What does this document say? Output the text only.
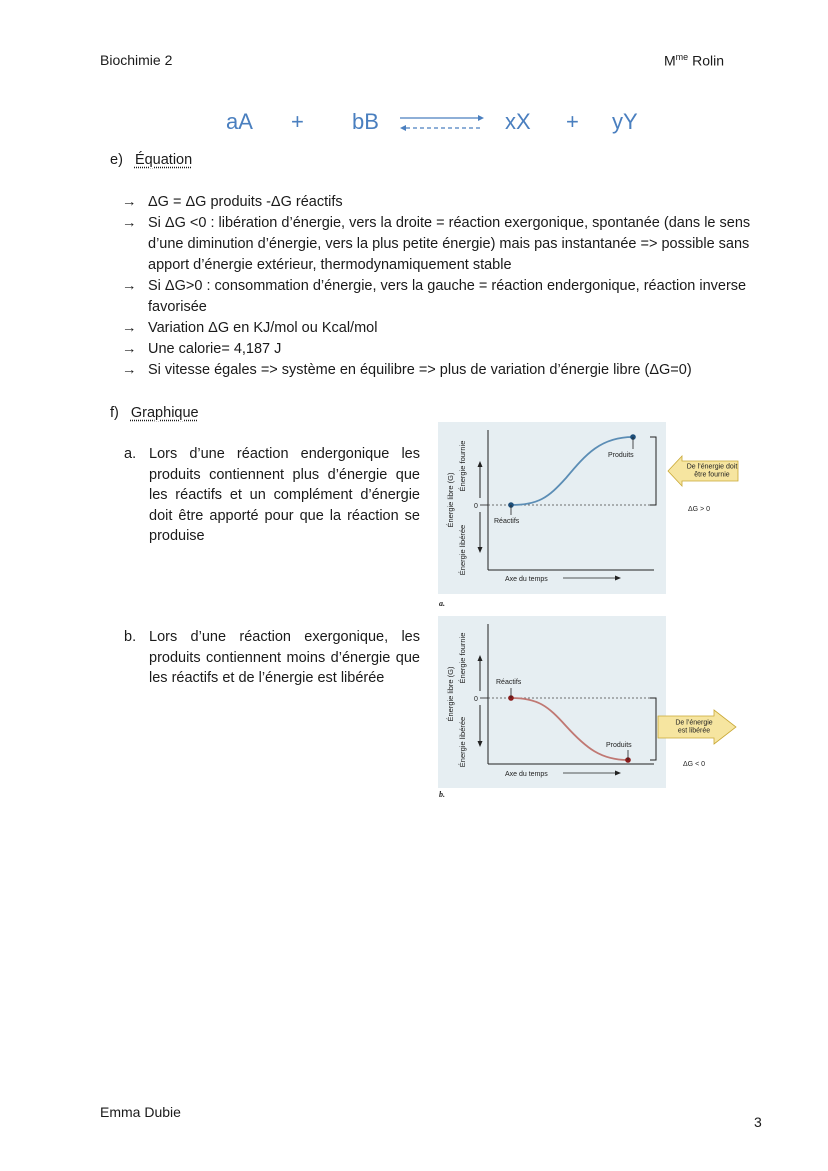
Biochimie 2	$M^{me}$ Rolin
aA + bB	xX + yY
e) Équation
→ ΔG = ΔG produits -ΔG réactifs
→ Si ΔG <0 : libération d’énergie, vers la droite = réaction exergonique, spontanée (dans le sens d’une diminution d’énergie, vers la plus petite énergie) mais pas instantanée => possible sans apport d’énergie extérieur, thermodynamiquement stable
→ Si ΔG>0 : consommation d’énergie, vers la gauche = réaction endergonique, réaction inverse favorisée
→ Variation ΔG en KJ/mol ou Kcal/mol
→ Une calorie= 4,187 J
→ Si vitesse égales => système en équilibre => plus de variation d’énergie libre (ΔG=0)
f) Graphique
a. Lors d’une réaction endergonique les produits contiennent plus d’énergie que les réactifs et un complément d’énergie doit être apporté pour que la réaction se produise
b. Lors d’une réaction exergonique, les produits contiennent moins d’énergie que les réactifs et de l’énergie est libérée
0
Énergie libre (G)
Énergie fournie
Énergie libérée
Réactifs
Produits
Axe du temps
De l’énergie doit être fournie
ΔG > 0
a.
0
Énergie libre (G)
Énergie fournie
Énergie libérée
Réactifs
Produits
Axe du temps
De l’énergie est libérée
ΔG < 0
b.
Emma Dubie
3
